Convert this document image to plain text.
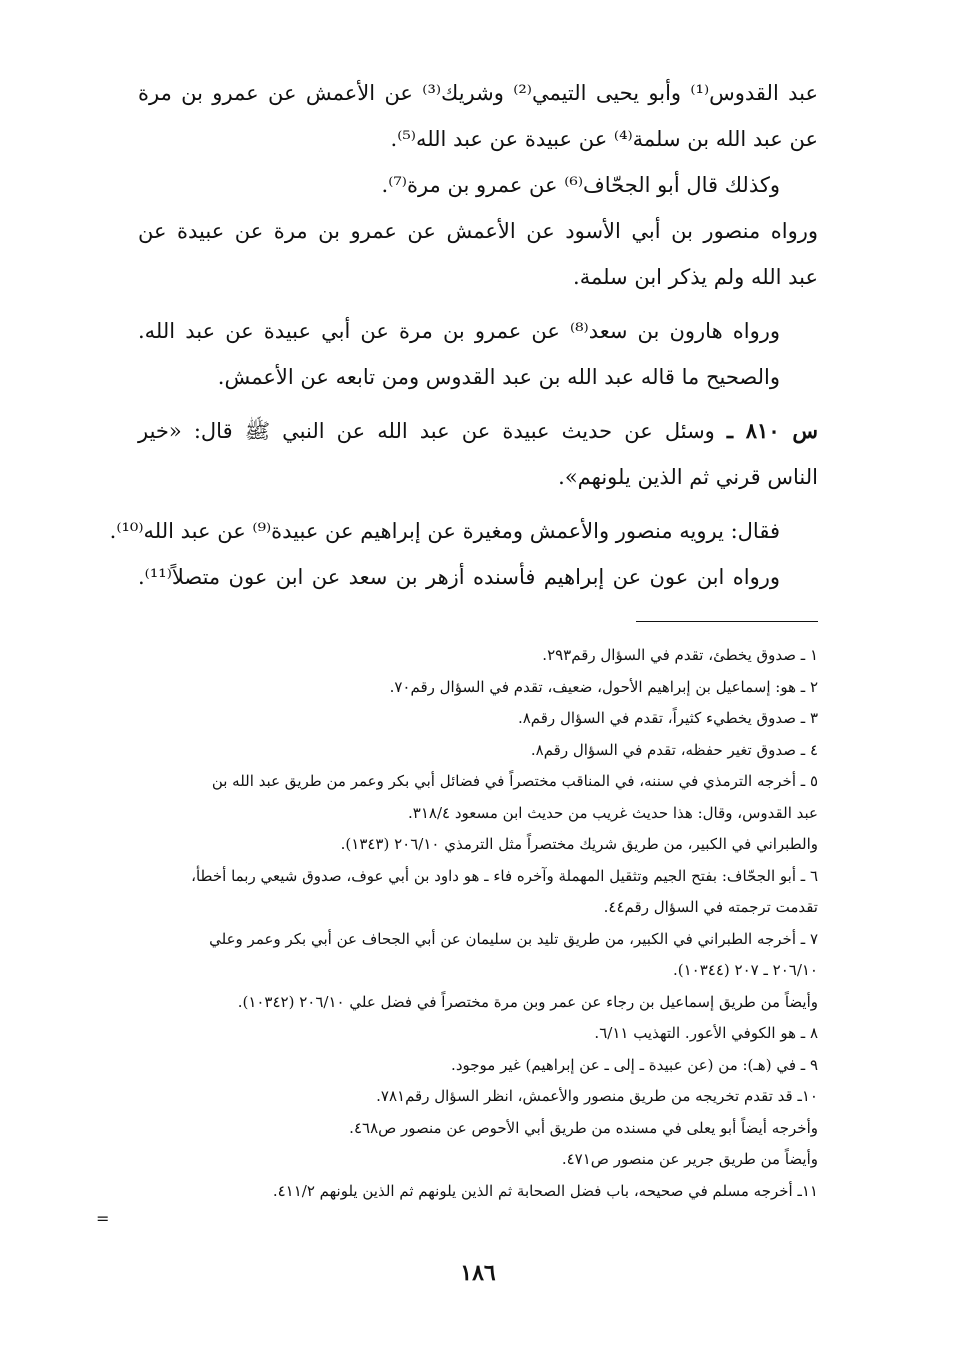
عبد القدوس⁽¹⁾ وأبو يحيى التيمي⁽²⁾ وشريك⁽³⁾ عن الأعمش عن عمرو بن مرة
عن عبد الله بن سلمة⁽⁴⁾ عن عبيدة عن عبد الله⁽⁵⁾.
وكذلك قال أبو الجحّاف⁽⁶⁾ عن عمرو بن مرة⁽⁷⁾.
ورواه منصور بن أبي الأسود عن الأعمش عن عمرو بن مرة عن عبيدة عن
عبد الله ولم يذكر ابن سلمة.
ورواه هارون بن سعد⁽⁸⁾ عن عمرو بن مرة عن أبي عبيدة عن عبد الله.
والصحيح ما قاله عبد الله بن عبد القدوس ومن تابعه عن الأعمش.
س ٨١٠ ـ وسئل عن حديث عبيدة عن عبد الله عن النبي ﷺ قال: «خير
الناس قرني ثم الذين يلونهم».
فقال: يرويه منصور والأعمش ومغيرة عن إبراهيم عن عبيدة⁽⁹⁾ عن عبد الله⁽¹⁰⁾.
ورواه ابن عون عن إبراهيم فأسنده أزهر بن سعد عن ابن عون متصلاً⁽¹¹⁾.
١ ـ صدوق يخطئ، تقدم في السؤال رقم٢٩٣.
٢ ـ هو: إسماعيل بن إبراهيم الأحول، ضعيف، تقدم في السؤال رقم٧٠.
٣ ـ صدوق يخطيء كثيراً، تقدم في السؤال رقم٨.
٤ ـ صدوق تغير حفظه، تقدم في السؤال رقم٨.
٥ ـ أخرجه الترمذي في سننه، في المناقب مختصراً في فضائل أبي بكر وعمر من طريق عبد الله بن
عبد القدوس، وقال: هذا حديث غريب من حديث ابن مسعود ٣١٨/٤.
والطبراني في الكبير، من طريق شريك مختصراً مثل الترمذي ٢٠٦/١٠ (١٣٤٣).
٦ ـ أبو الجحّاف: بفتح الجيم وتثقيل المهملة وآخره فاء ـ هو داود بن أبي عوف، صدوق شيعي ربما أخطأ،
تقدمت ترجمته في السؤال رقم٤٤.
٧ ـ أخرجه الطبراني في الكبير، من طريق تليد بن سليمان عن أبي الجحاف عن أبي بكر وعمر وعلي
٢٠٦/١٠ ـ ٢٠٧ (١٠٣٤٤).
وأيضاً من طريق إسماعيل بن رجاء عن عمر وبن مرة مختصراً في فضل علي ٢٠٦/١٠ (١٠٣٤٢).
٨ ـ هو الكوفي الأعور. التهذيب ٦/١١.
٩ ـ في (هـ): من (عن عبيدة ـ إلى ـ عن إبراهيم) غير موجود.
١٠ـ قد تقدم تخريجه من طريق منصور والأعمش، انظر السؤال رقم٧٨١.
وأخرجه أيضاً أبو يعلى في مسنده من طريق أبي الأحوص عن منصور ص٤٦٨.
وأيضاً من طريق جرير عن منصور ص٤٧١.
١١ـ أخرجه مسلم في صحيحه، باب فضل الصحابة ثم الذين يلونهم ثم الذين يلونهم ٤١١/٢.
=
١٨٦
